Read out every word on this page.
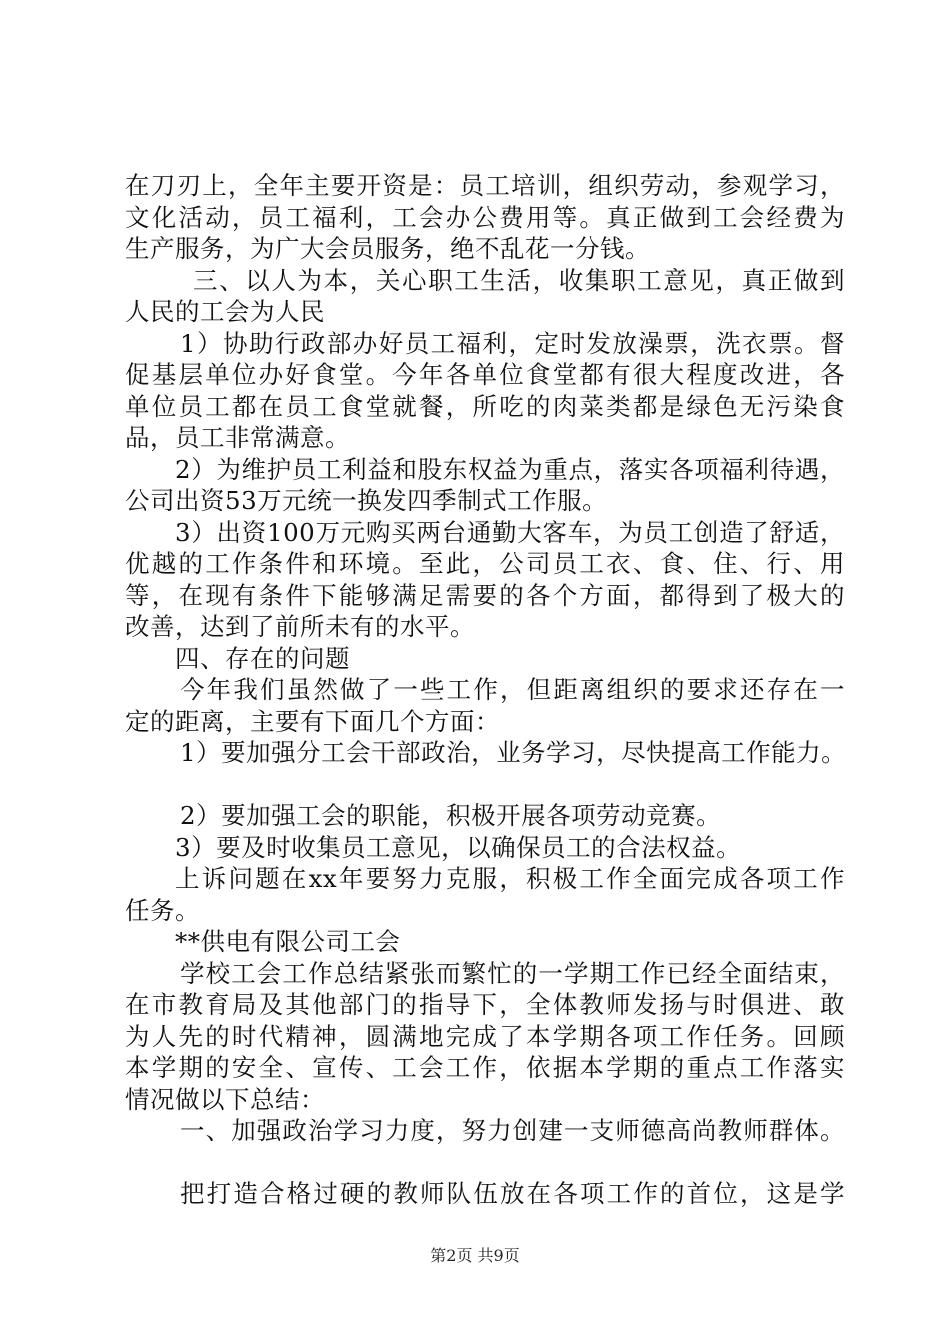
在刀刃上，全年主要开资是：员工培训，组织劳动，参观学习，
文化活动，员工福利，工会办公费用等。真正做到工会经费为
生产服务，为广大会员服务，绝不乱花一分钱。
三、以人为本，关心职工生活，收集职工意见，真正做到
人民的工会为人民
1）协助行政部办好员工福利，定时发放澡票，洗衣票。督
促基层单位办好食堂。今年各单位食堂都有很大程度改进，各
单位员工都在员工食堂就餐，所吃的肉菜类都是绿色无污染食
品，员工非常满意。
2）为维护员工利益和股东权益为重点，落实各项福利待遇，
公司出资53万元统一换发四季制式工作服。
3）出资100万元购买两台通勤大客车，为员工创造了舒适，
优越的工作条件和环境。至此，公司员工衣、食、住、行、用
等，在现有条件下能够满足需要的各个方面，都得到了极大的
改善，达到了前所未有的水平。
四、存在的问题
今年我们虽然做了一些工作，但距离组织的要求还存在一
定的距离，主要有下面几个方面：
1）要加强分工会干部政治，业务学习，尽快提高工作能力。
2）要加强工会的职能，积极开展各项劳动竞赛。
3）要及时收集员工意见，以确保员工的合法权益。
上诉问题在xx年要努力克服，积极工作全面完成各项工作
任务。
**供电有限公司工会
学校工会工作总结紧张而繁忙的一学期工作已经全面结束，
在市教育局及其他部门的指导下，全体教师发扬与时俱进、敢
为人先的时代精神，圆满地完成了本学期各项工作任务。回顾
本学期的安全、宣传、工会工作，依据本学期的重点工作落实
情况做以下总结：
一、加强政治学习力度，努力创建一支师德高尚教师群体。
把打造合格过硬的教师队伍放在各项工作的首位，这是学
第2页 共9页
